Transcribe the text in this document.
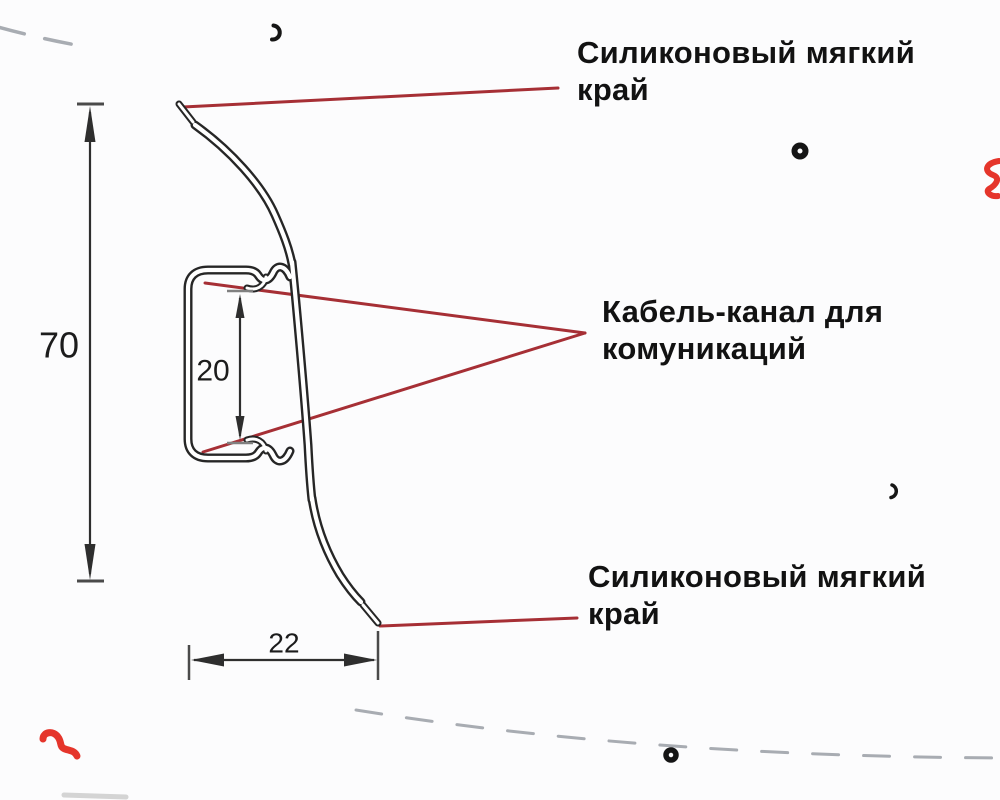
70
20
22
Силиконовый мягкий
край
Кабель-канал для
комуникаций
Силиконовый мягкий
край
